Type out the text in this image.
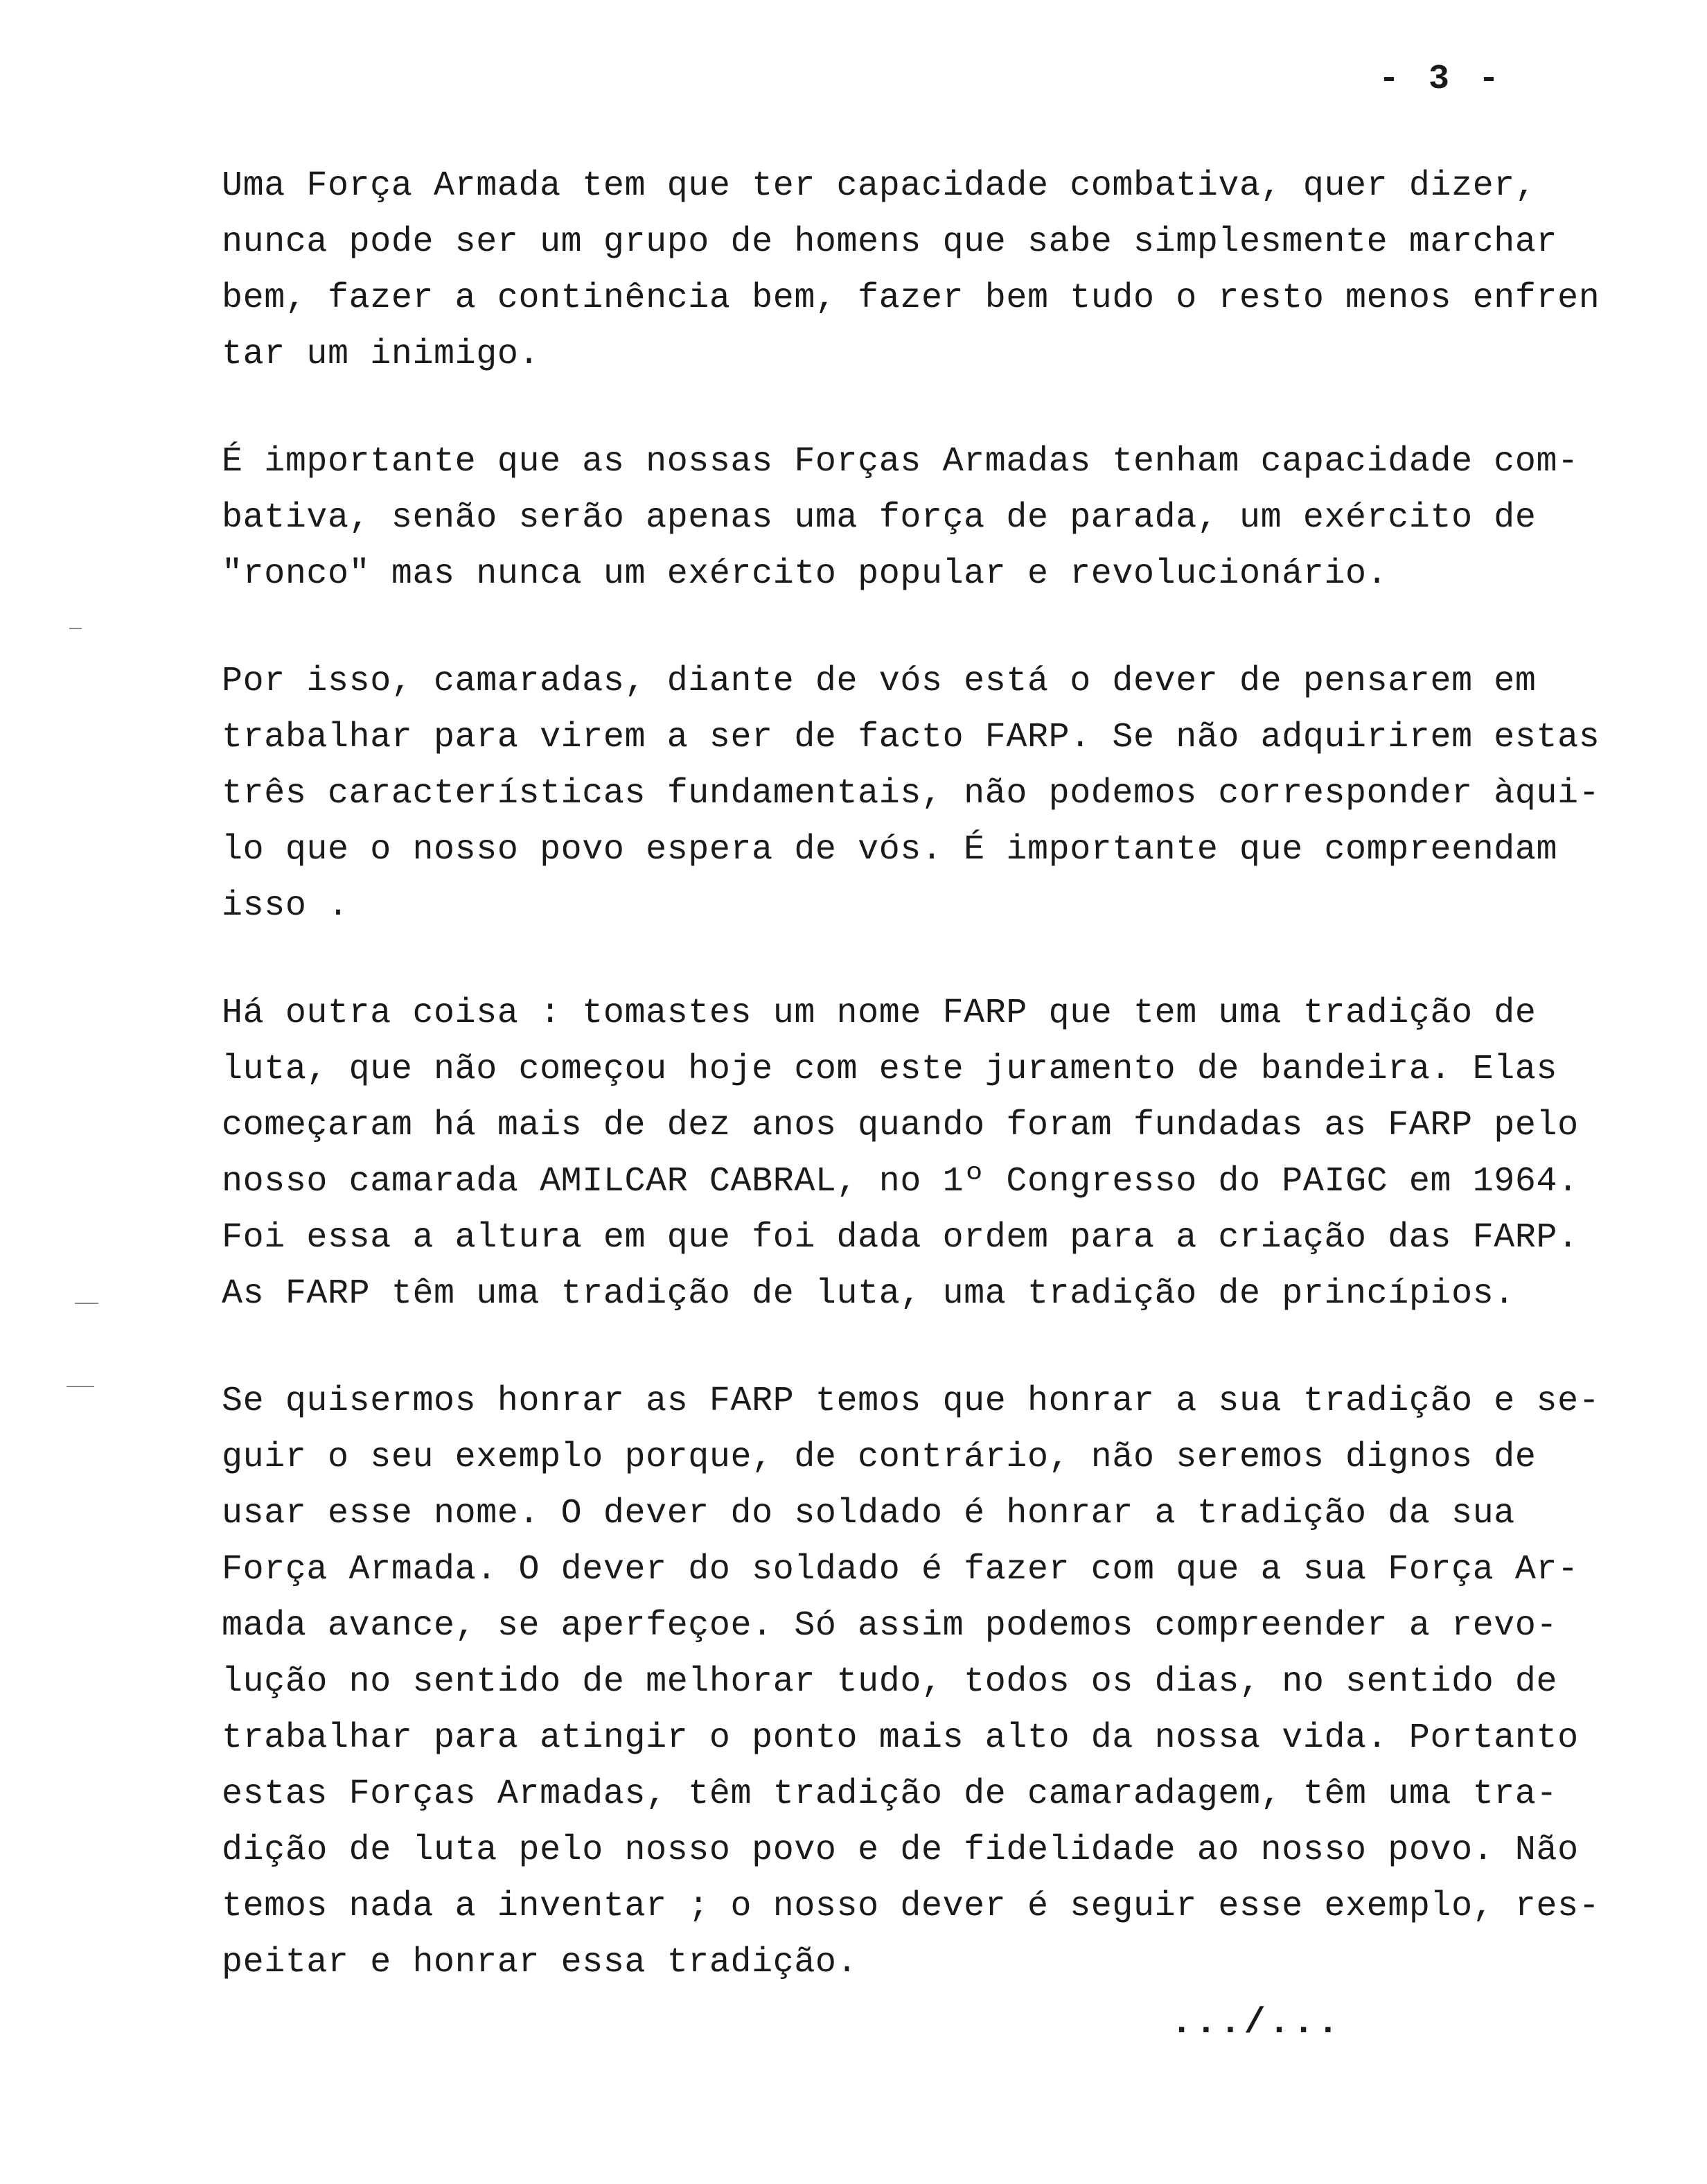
- 3 -
Uma Força Armada tem que ter capacidade combativa, quer dizer,
nunca pode ser um grupo de homens que sabe simplesmente marchar
bem, fazer a continência bem, fazer bem tudo o resto menos enfren
tar um inimigo.
É importante que as nossas Forças Armadas tenham capacidade com-
bativa, senão serão apenas uma força de parada, um exército de
"ronco" mas nunca um exército popular e revolucionário.
Por isso, camaradas, diante de vós está o dever de pensarem em
trabalhar para virem a ser de facto FARP. Se não adquirirem estas
três características fundamentais, não podemos corresponder àqui-
lo que o nosso povo espera de vós. É importante que compreendam
isso .
Há outra coisa : tomastes um nome FARP que tem uma tradição de
luta, que não começou hoje com este juramento de bandeira. Elas
começaram há mais de dez anos quando foram fundadas as FARP pelo
nosso camarada AMILCAR CABRAL, no 1º Congresso do PAIGC em 1964.
Foi essa a altura em que foi dada ordem para a criação das FARP.
As FARP têm uma tradição de luta, uma tradição de princípios.
Se quisermos honrar as FARP temos que honrar a sua tradição e se-
guir o seu exemplo porque, de contrário, não seremos dignos de
usar esse nome. O dever do soldado é honrar a tradição da sua
Força Armada. O dever do soldado é fazer com que a sua Força Ar-
mada avance, se aperfeçoe. Só assim podemos compreender a revo-
lução no sentido de melhorar tudo, todos os dias, no sentido de
trabalhar para atingir o ponto mais alto da nossa vida. Portanto
estas Forças Armadas, têm tradição de camaradagem, têm uma tra-
dição de luta pelo nosso povo e de fidelidade ao nosso povo. Não
temos nada a inventar ; o nosso dever é seguir esse exemplo, res-
peitar e honrar essa tradição.
.../...
